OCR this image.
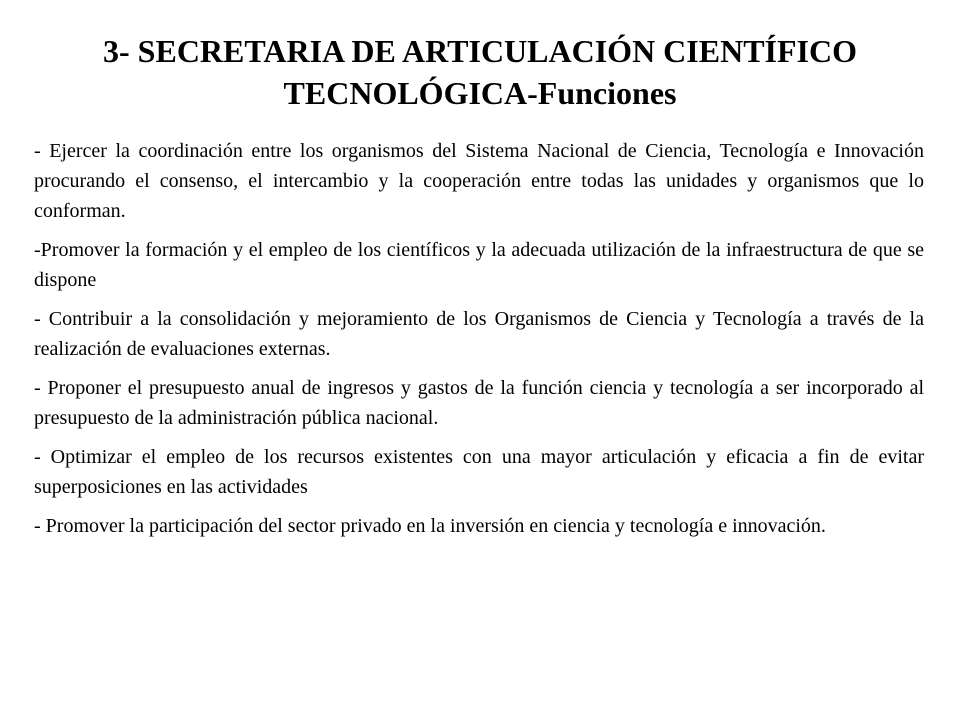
3- SECRETARIA DE ARTICULACIÓN CIENTÍFICO
TECNOLÓGICA-Funciones

- Ejercer la coordinación entre los organismos del Sistema Nacional de Ciencia, Tecnología e Innovación procurando el consenso, el intercambio y la cooperación entre todas las unidades y organismos que lo conforman.

-Promover la formación y el empleo de los científicos y la adecuada utilización de la infraestructura de que se dispone

- Contribuir a la consolidación y mejoramiento de los Organismos de Ciencia y Tecnología a través de la realización de evaluaciones externas.

- Proponer el presupuesto anual de ingresos y gastos de la función ciencia y tecnología a ser incorporado al presupuesto de la administración pública nacional.

- Optimizar el empleo de los recursos existentes con una mayor articulación y eficacia a fin de evitar superposiciones en las actividades

- Promover la participación del sector privado en la inversión en ciencia y tecnología e innovación.
